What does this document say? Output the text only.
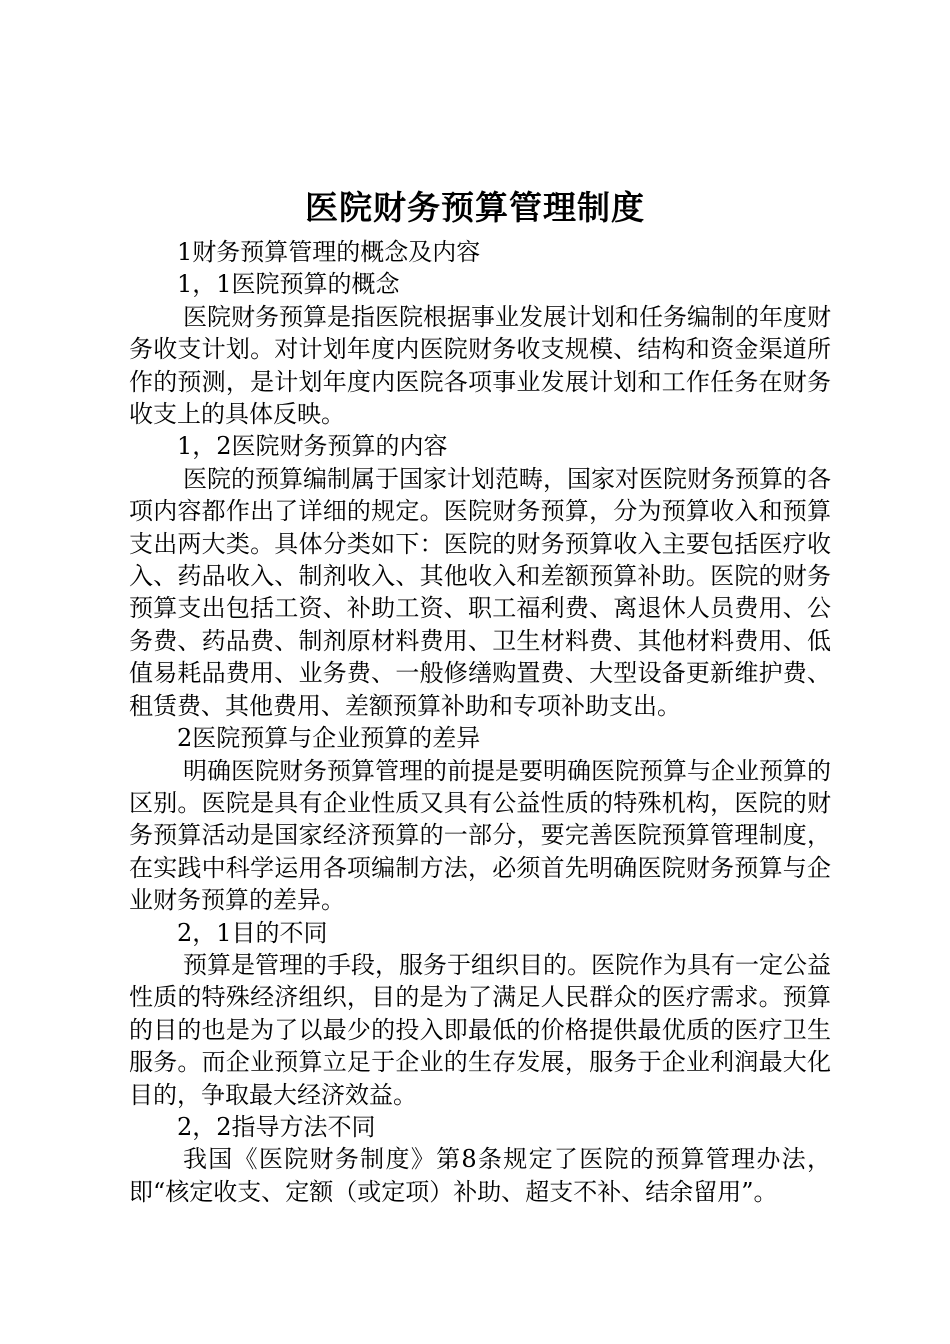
医院财务预算管理制度

1财务预算管理的概念及内容

1，1医院预算的概念

医院财务预算是指医院根据事业发展计划和任务编制的年度财务收支计划。对计划年度内医院财务收支规模、结构和资金渠道所作的预测，是计划年度内医院各项事业发展计划和工作任务在财务收支上的具体反映。

1，2医院财务预算的内容

医院的预算编制属于国家计划范畴，国家对医院财务预算的各项内容都作出了详细的规定。医院财务预算，分为预算收入和预算支出两大类。具体分类如下：医院的财务预算收入主要包括医疗收入、药品收入、制剂收入、其他收入和差额预算补助。医院的财务预算支出包括工资、补助工资、职工福利费、离退休人员费用、公务费、药品费、制剂原材料费用、卫生材料费、其他材料费用、低值易耗品费用、业务费、一般修缮购置费、大型设备更新维护费、租赁费、其他费用、差额预算补助和专项补助支出。

2医院预算与企业预算的差异

明确医院财务预算管理的前提是要明确医院预算与企业预算的区别。医院是具有企业性质又具有公益性质的特殊机构，医院的财务预算活动是国家经济预算的一部分，要完善医院预算管理制度，在实践中科学运用各项编制方法，必须首先明确医院财务预算与企业财务预算的差异。

2，1目的不同

预算是管理的手段，服务于组织目的。医院作为具有一定公益性质的特殊经济组织，目的是为了满足人民群众的医疗需求。预算的目的也是为了以最少的投入即最低的价格提供最优质的医疗卫生服务。而企业预算立足于企业的生存发展，服务于企业利润最大化目的，争取最大经济效益。

2，2指导方法不同

我国《医院财务制度》第8条规定了医院的预算管理办法，即“核定收支、定额（或定项）补助、超支不补、结余留用”。
